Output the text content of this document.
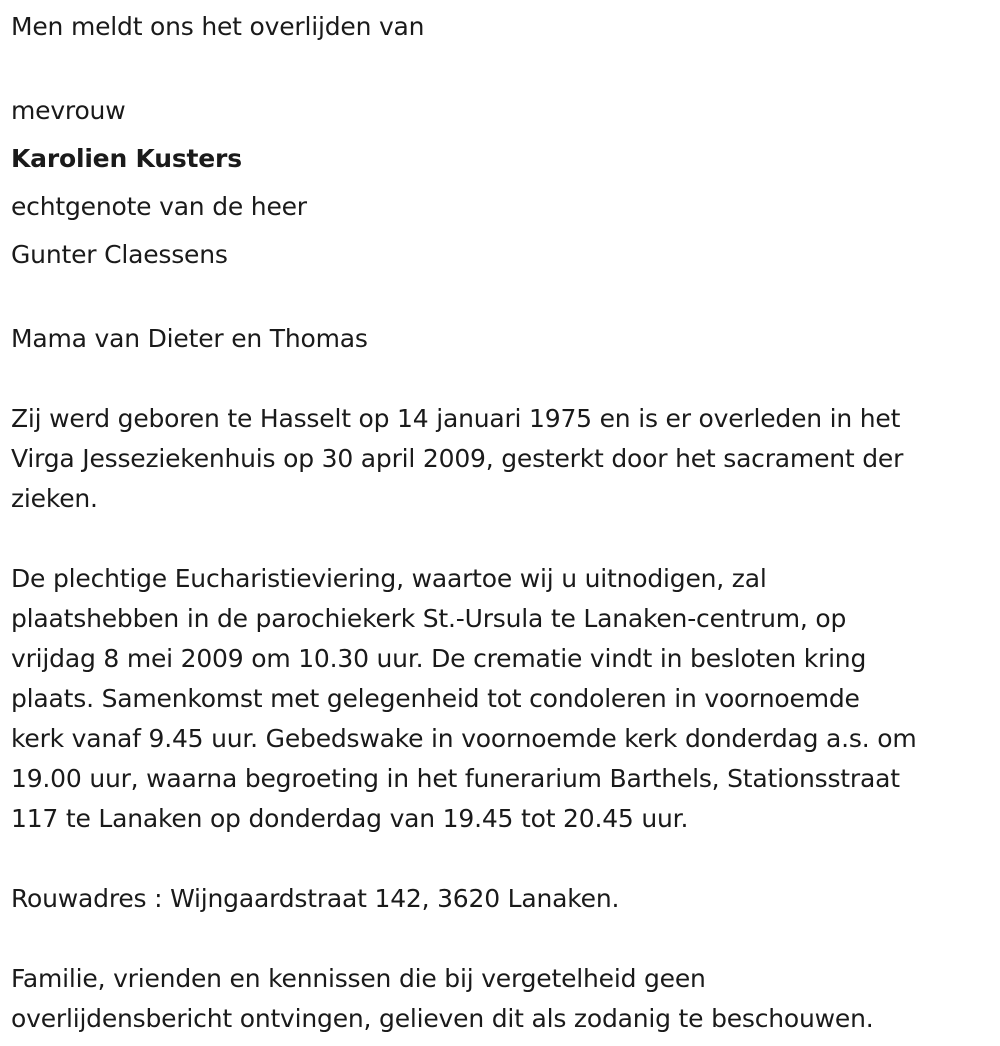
Men meldt ons het overlijden van

mevrouw

Karolien Kusters

echtgenote van de heer

Gunter Claessens

Mama van Dieter en Thomas

Zij werd geboren te Hasselt op 14 januari 1975 en is er overleden in het
Virga Jesseziekenhuis op 30 april 2009, gesterkt door het sacrament der
zieken.
De plechtige Eucharistieviering, waartoe wij u uitnodigen, zal
plaatshebben in de parochiekerk St.-Ursula te Lanaken-centrum, op
vrijdag 8 mei 2009 om 10.30 uur. De crematie vindt in besloten kring
plaats. Samenkomst met gelegenheid tot condoleren in voornoemde
kerk vanaf 9.45 uur. Gebedswake in voornoemde kerk donderdag a.s. om
19.00 uur, waarna begroeting in het funerarium Barthels, Stationsstraat
117 te Lanaken op donderdag van 19.45 tot 20.45 uur.

Rouwadres : Wijngaardstraat 142, 3620 Lanaken.

Familie, vrienden en kennissen die bij vergetelheid geen
overlijdensbericht ontvingen, gelieven dit als zodanig te beschouwen.
